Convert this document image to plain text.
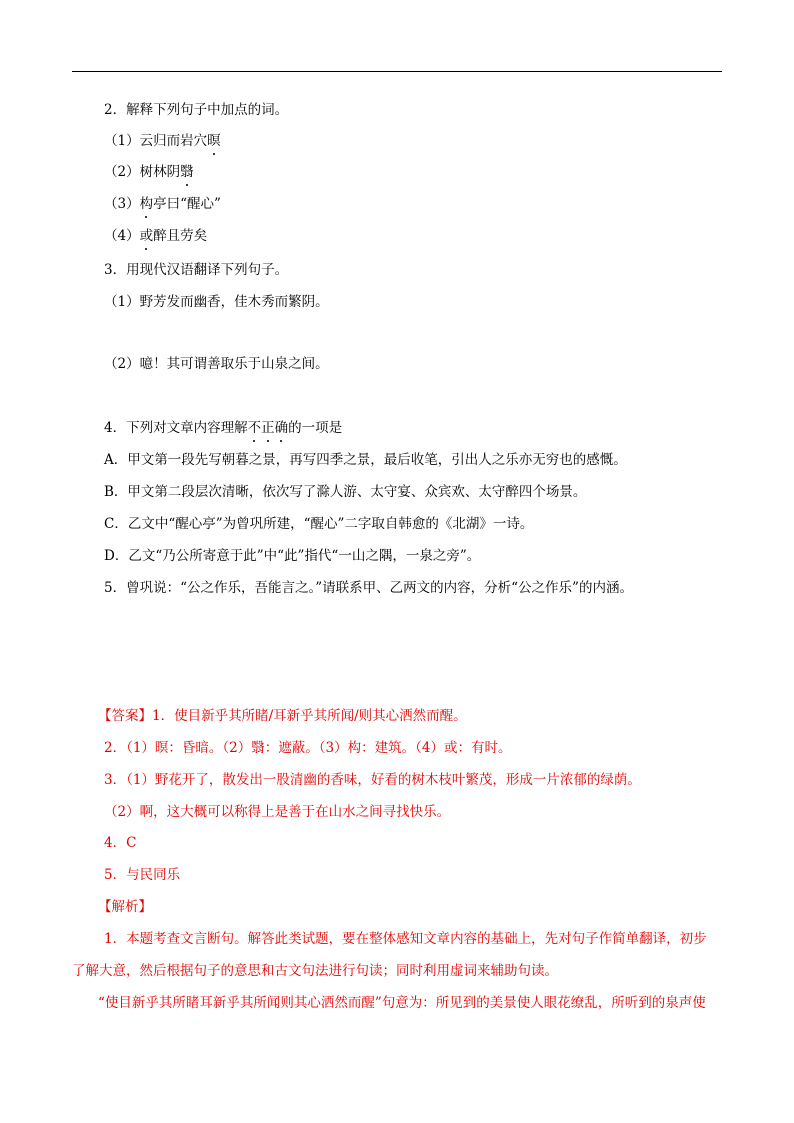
2．解释下列句子中加点的词。
（1）云归而岩穴暝
（2）树林阴翳
（3）构亭曰“醒心”
（4）或醉且劳矣
3．用现代汉语翻译下列句子。
（1）野芳发而幽香，佳木秀而繁阴。
（2）噫！其可谓善取乐于山泉之间。
4．下列对文章内容理解不正确的一项是
A．甲文第一段先写朝暮之景，再写四季之景，最后收笔，引出人之乐亦无穷也的感慨。
B．甲文第二段层次清晰，依次写了滁人游、太守宴、众宾欢、太守醉四个场景。
C．乙文中“醒心亭”为曾巩所建，“醒心”二字取自韩愈的《北湖》一诗。
D．乙文“乃公所寄意于此”中“此”指代“一山之隅，一泉之旁”。
5．曾巩说：“公之作乐，吾能言之。”请联系甲、乙两文的内容，分析“公之作乐”的内涵。
【答案】1．使目新乎其所睹/耳新乎其所闻/则其心洒然而醒。
2．（1）暝：昏暗。（2）翳：遮蔽。（3）构：建筑。（4）或：有时。
3．（1）野花开了，散发出一股清幽的香味，好看的树木枝叶繁茂，形成一片浓郁的绿荫。
（2）啊，这大概可以称得上是善于在山水之间寻找快乐。
4．C
5．与民同乐
【解析】
1．本题考查文言断句。解答此类试题，要在整体感知文章内容的基础上，先对句子作简单翻译，初步
了解大意，然后根据句子的意思和古文句法进行句读；同时利用虚词来辅助句读。
“使目新乎其所睹耳新乎其所闻则其心洒然而醒”句意为：所见到的美景使人眼花缭乱，所听到的泉声使
